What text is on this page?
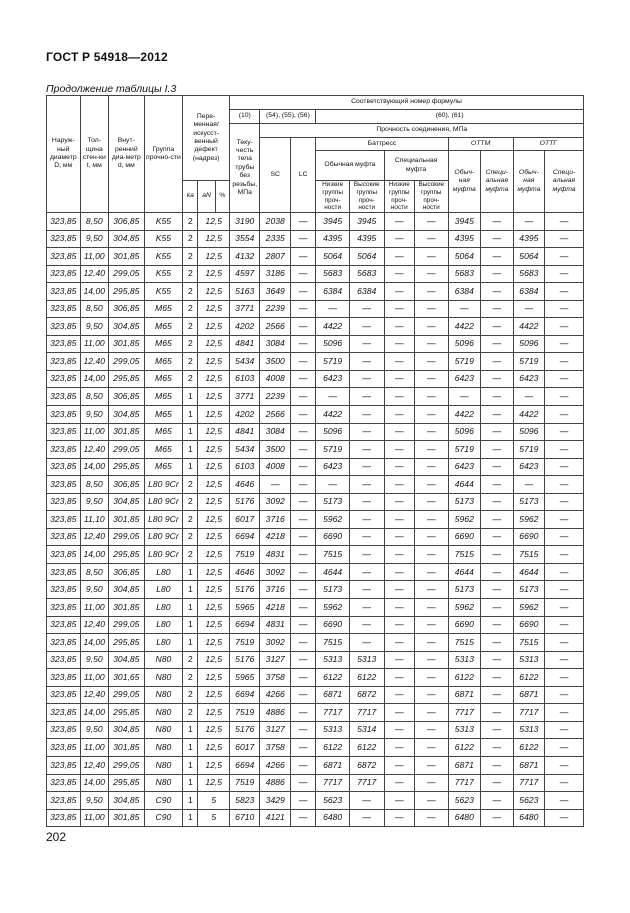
ГОСТ Р 54918—2012
Продолжение таблицы I.3
Наруж-ный диаметр D, мм	Тол-щина стен-ки t, мм	Внут-ренний диа-метр d, мм	Группа прочно-сти	Пере-менная/ искусст-венный дефект (надрез)			Соответствующий номер формулы										
							(10)	(54), (55), (56)		(60), (61)							
							Теку-честь тела трубы без резьбы, МПа	Прочность соединения, МПа									
								SC	LC	Баттресс				ОТТМ		ОТТГ	
										Обычная муфта		Специальная муфта		Обыч-ная муфта	Специ-альная муфта	Обыч-ная муфта	Специ-альная муфта
				kа	aN	%				Низкие группы проч-ности	Высокие группы проч-ности	Низкие группы проч-ности	Высокие группы проч-ности				
323,85	8,50	306,85	K55	2	12,5		3190	2038	—	3945	3945	—	—	3945	—	—	—
323,85	9,50	304,85	K55	2	12,5		3554	2335	—	4395	4395	—	—	4395	—	4395	—
323,85	11,00	301,85	K55	2	12,5		4132	2807	—	5064	5064	—	—	5064	—	5064	—
323,85	12,40	299,05	K55	2	12,5		4597	3186	—	5683	5683	—	—	5683	—	5683	—
323,85	14,00	295,85	K55	2	12,5		5163	3649	—	6384	6384	—	—	6384	—	6384	—
323,85	8,50	306,85	M65	2	12,5		3771	2239	—	—	—	—	—	—	—	—	—
323,85	9,50	304,85	M65	2	12,5		4202	2566	—	4422	—	—	—	4422	—	4422	—
323,85	11,00	301,85	M65	2	12,5		4841	3084	—	5096	—	—	—	5096	—	5096	—
323,85	12,40	299,05	M65	2	12,5		5434	3500	—	5719	—	—	—	5719	—	5719	—
323,85	14,00	295,85	M65	2	12,5		6103	4008	—	6423	—	—	—	6423	—	6423	—
323,85	8,50	306,85	M65	1	12,5		3771	2239	—	—	—	—	—	—	—	—	—
323,85	9,50	304,85	M65	1	12,5		4202	2566	—	4422	—	—	—	4422	—	4422	—
323,85	11,00	301,85	M65	1	12,5		4841	3084	—	5096	—	—	—	5096	—	5096	—
323,85	12,40	299,05	M65	1	12,5		5434	3500	—	5719	—	—	—	5719	—	5719	—
323,85	14,00	295,85	M65	1	12,5		6103	4008	—	6423	—	—	—	6423	—	6423	—
323,85	8,50	306,85	L80 9Cr	2	12,5		4646	—	—	—	—	—	—	4644	—	—	—
323,85	9,50	304,85	L80 9Cr	2	12,5		5176	3092	—	5173	—	—	—	5173	—	5173	—
323,85	11,10	301,85	L80 9Cr	2	12,5		6017	3716	—	5962	—	—	—	5962	—	5962	—
323,85	12,40	299,05	L80 9Cr	2	12,5		6694	4218	—	6690	—	—	—	6690	—	6690	—
323,85	14,00	295,85	L80 9Cr	2	12,5		7519	4831	—	7515	—	—	—	7515	—	7515	—
323,85	8,50	306,85	L80	1	12,5		4646	3092	—	4644	—	—	—	4644	—	4644	—
323,85	9,50	304,85	L80	1	12,5		5176	3716	—	5173	—	—	—	5173	—	5173	—
323,85	11,00	301,85	L80	1	12,5		5965	4218	—	5962	—	—	—	5962	—	5962	—
323,85	12,40	299,05	L80	1	12,5		6694	4831	—	6690	—	—	—	6690	—	6690	—
323,85	14,00	295,85	L80	1	12,5		7519	3092	—	7515	—	—	—	7515	—	7515	—
323,85	9,50	304,85	N80	2	12,5		5176	3127	—	5313	5313	—	—	5313	—	5313	—
323,85	11,00	301,65	N80	2	12,5		5965	3758	—	6122	6122	—	—	6122	—	6122	—
323,85	12,40	299,05	N80	2	12,5		6694	4266	—	6871	6872	—	—	6871	—	6871	—
323,85	14,00	295,85	N80	2	12,5		7519	4886	—	7717	7717	—	—	7717	—	7717	—
323,85	9,50	304,85	N80	1	12,5		5176	3127	—	5313	5314	—	—	5313	—	5313	—
323,85	11,00	301,85	N80	1	12,5		6017	3758	—	6122	6122	—	—	6122	—	6122	—
323,85	12,40	299,05	N80	1	12,5		6694	4266	—	6871	6872	—	—	6871	—	6871	—
323,85	14,00	295,85	N80	1	12,5		7519	4886	—	7717	7717	—	—	7717	—	7717	—
323,85	9,50	304,85	C90	1	5		5823	3429	—	5623	—	—	—	5623	—	5623	—
323,85	11,00	301,85	C90	1	5		6710	4121	—	6480	—	—	—	6480	—	6480	—
202
